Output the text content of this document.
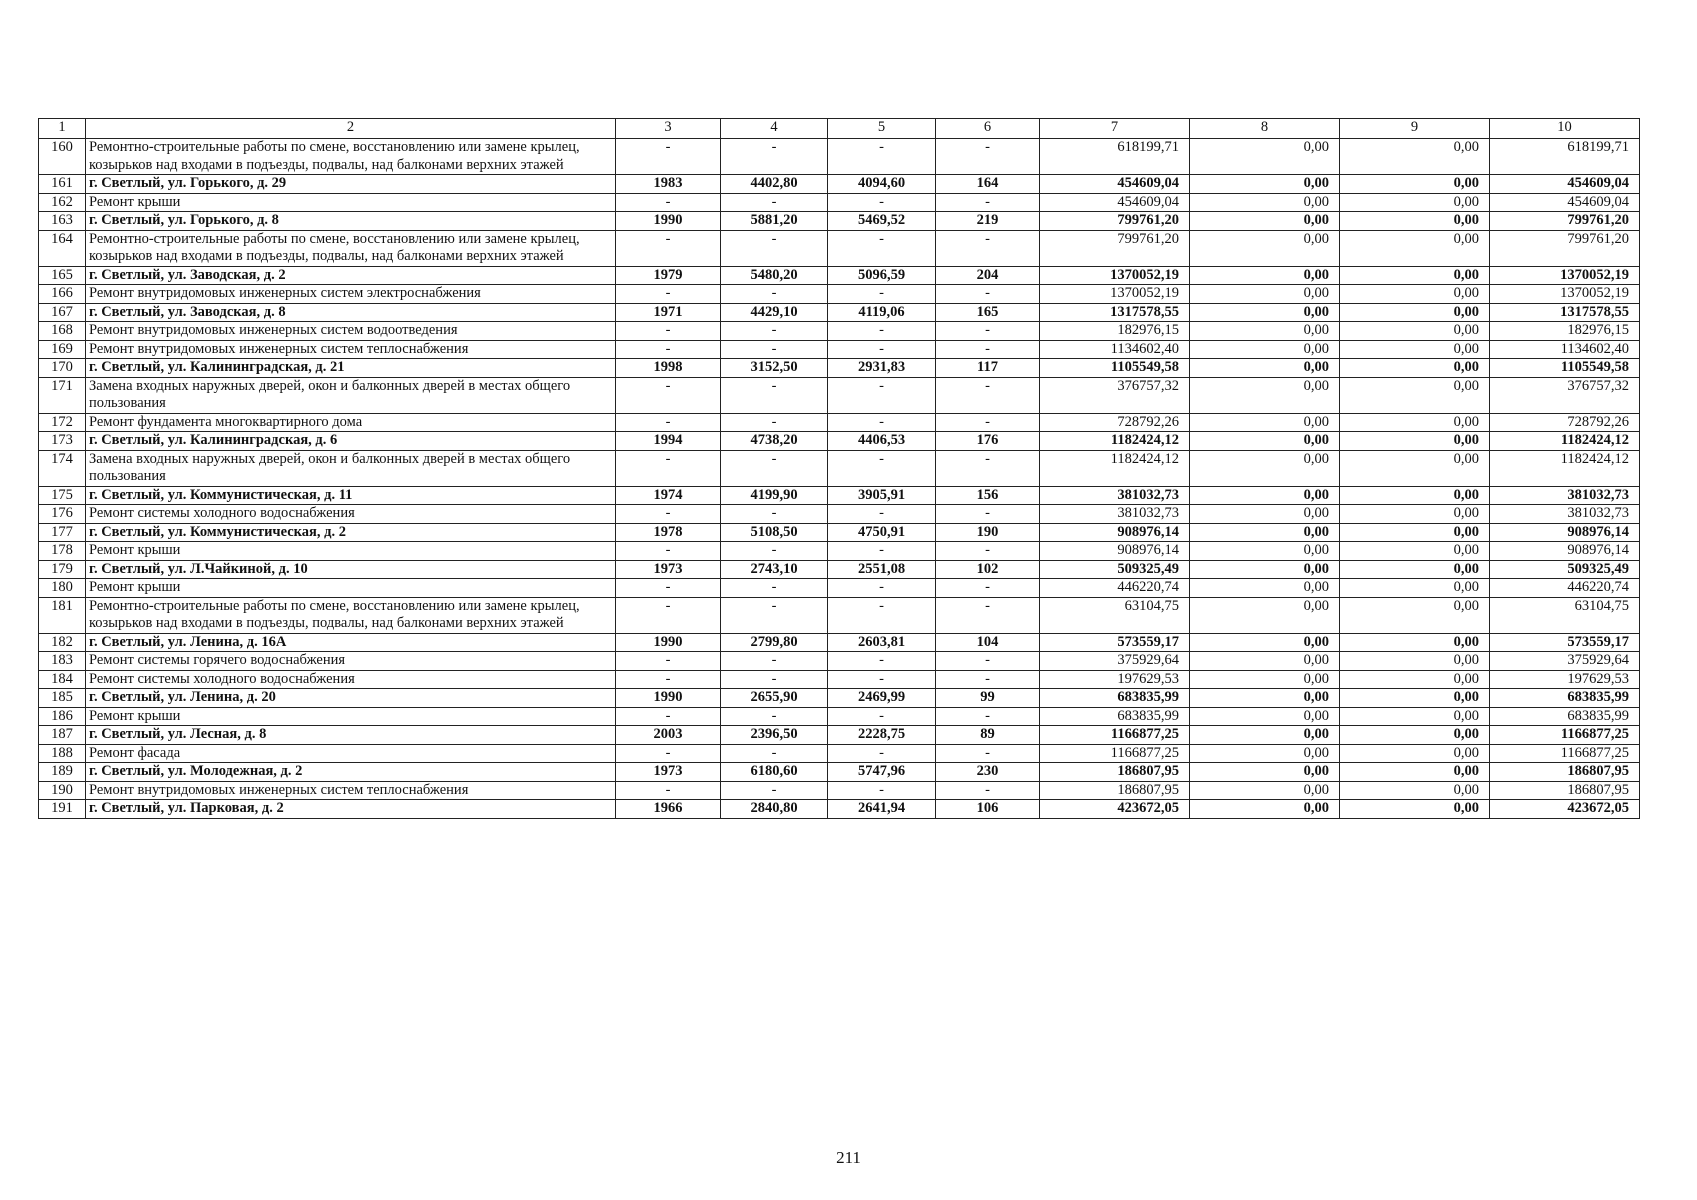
1	2	3	4	5	6	7	8	9	10
160	Ремонтно-строительные работы по смене, восстановлению или замене крылец, козырьков над входами в подъезды, подвалы, над балконами верхних этажей	-	-	-	-	618199,71	0,00	0,00	618199,71
161	г. Светлый, ул. Горького, д. 29	1983	4402,80	4094,60	164	454609,04	0,00	0,00	454609,04
162	Ремонт крыши	-	-	-	-	454609,04	0,00	0,00	454609,04
163	г. Светлый, ул. Горького, д. 8	1990	5881,20	5469,52	219	799761,20	0,00	0,00	799761,20
164	Ремонтно-строительные работы по смене, восстановлению или замене крылец, козырьков над входами в подъезды, подвалы, над балконами верхних этажей	-	-	-	-	799761,20	0,00	0,00	799761,20
165	г. Светлый, ул. Заводская, д. 2	1979	5480,20	5096,59	204	1370052,19	0,00	0,00	1370052,19
166	Ремонт внутридомовых инженерных систем электроснабжения	-	-	-	-	1370052,19	0,00	0,00	1370052,19
167	г. Светлый, ул. Заводская, д. 8	1971	4429,10	4119,06	165	1317578,55	0,00	0,00	1317578,55
168	Ремонт внутридомовых инженерных систем водоотведения	-	-	-	-	182976,15	0,00	0,00	182976,15
169	Ремонт внутридомовых инженерных систем теплоснабжения	-	-	-	-	1134602,40	0,00	0,00	1134602,40
170	г. Светлый, ул. Калининградская, д. 21	1998	3152,50	2931,83	117	1105549,58	0,00	0,00	1105549,58
171	Замена входных наружных дверей, окон и балконных дверей в местах общего пользования	-	-	-	-	376757,32	0,00	0,00	376757,32
172	Ремонт фундамента многоквартирного дома	-	-	-	-	728792,26	0,00	0,00	728792,26
173	г. Светлый, ул. Калининградская, д. 6	1994	4738,20	4406,53	176	1182424,12	0,00	0,00	1182424,12
174	Замена входных наружных дверей, окон и балконных дверей в местах общего пользования	-	-	-	-	1182424,12	0,00	0,00	1182424,12
175	г. Светлый, ул. Коммунистическая, д. 11	1974	4199,90	3905,91	156	381032,73	0,00	0,00	381032,73
176	Ремонт системы холодного водоснабжения	-	-	-	-	381032,73	0,00	0,00	381032,73
177	г. Светлый, ул. Коммунистическая, д. 2	1978	5108,50	4750,91	190	908976,14	0,00	0,00	908976,14
178	Ремонт крыши	-	-	-	-	908976,14	0,00	0,00	908976,14
179	г. Светлый, ул. Л.Чайкиной, д. 10	1973	2743,10	2551,08	102	509325,49	0,00	0,00	509325,49
180	Ремонт крыши	-	-	-	-	446220,74	0,00	0,00	446220,74
181	Ремонтно-строительные работы по смене, восстановлению или замене крылец, козырьков над входами в подъезды, подвалы, над балконами верхних этажей	-	-	-	-	63104,75	0,00	0,00	63104,75
182	г. Светлый, ул. Ленина, д. 16А	1990	2799,80	2603,81	104	573559,17	0,00	0,00	573559,17
183	Ремонт системы горячего водоснабжения	-	-	-	-	375929,64	0,00	0,00	375929,64
184	Ремонт системы холодного водоснабжения	-	-	-	-	197629,53	0,00	0,00	197629,53
185	г. Светлый, ул. Ленина, д. 20	1990	2655,90	2469,99	99	683835,99	0,00	0,00	683835,99
186	Ремонт крыши	-	-	-	-	683835,99	0,00	0,00	683835,99
187	г. Светлый, ул. Лесная, д. 8	2003	2396,50	2228,75	89	1166877,25	0,00	0,00	1166877,25
188	Ремонт фасада	-	-	-	-	1166877,25	0,00	0,00	1166877,25
189	г. Светлый, ул. Молодежная, д. 2	1973	6180,60	5747,96	230	186807,95	0,00	0,00	186807,95
190	Ремонт внутридомовых инженерных систем теплоснабжения	-	-	-	-	186807,95	0,00	0,00	186807,95
191	г. Светлый, ул. Парковая, д. 2	1966	2840,80	2641,94	106	423672,05	0,00	0,00	423672,05
211
